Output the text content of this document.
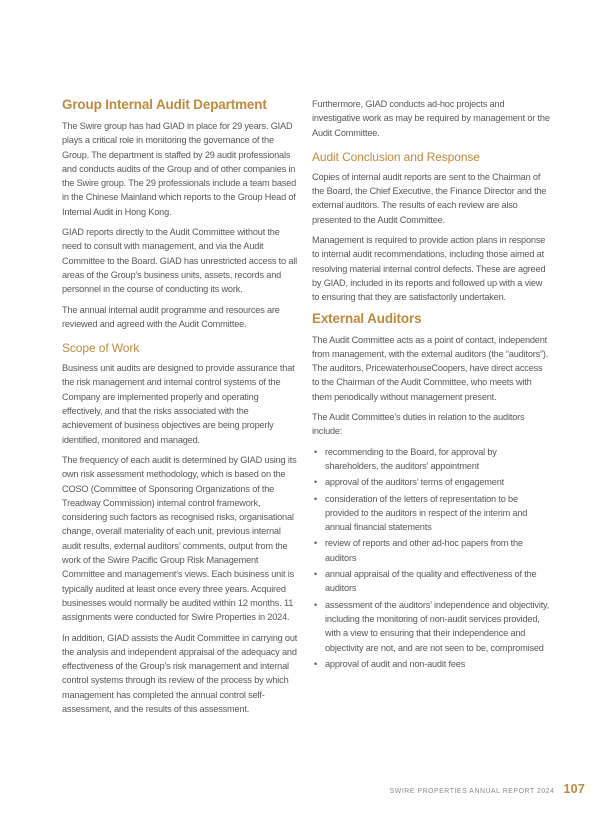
Group Internal Audit Department

The Swire group has had GIAD in place for 29 years. GIAD plays a critical role in monitoring the governance of the Group. The department is staffed by 29 audit professionals and conducts audits of the Group and of other companies in the Swire group. The 29 professionals include a team based in the Chinese Mainland which reports to the Group Head of Internal Audit in Hong Kong.

GIAD reports directly to the Audit Committee without the need to consult with management, and via the Audit Committee to the Board. GIAD has unrestricted access to all areas of the Group’s business units, assets, records and personnel in the course of conducting its work.

The annual internal audit programme and resources are reviewed and agreed with the Audit Committee.

Scope of Work

Business unit audits are designed to provide assurance that the risk management and internal control systems of the Company are implemented properly and operating effectively, and that the risks associated with the achievement of business objectives are being properly identified, monitored and managed.

The frequency of each audit is determined by GIAD using its own risk assessment methodology, which is based on the COSO (Committee of Sponsoring Organizations of the Treadway Commission) internal control framework, considering such factors as recognised risks, organisational change, overall materiality of each unit, previous internal audit results, external auditors’ comments, output from the work of the Swire Pacific Group Risk Management Committee and management’s views. Each business unit is typically audited at least once every three years. Acquired businesses would normally be audited within 12 months. 11 assignments were conducted for Swire Properties in 2024.

In addition, GIAD assists the Audit Committee in carrying out the analysis and independent appraisal of the adequacy and effectiveness of the Group’s risk management and internal control systems through its review of the process by which management has completed the annual control self-assessment, and the results of this assessment.

Furthermore, GIAD conducts ad-hoc projects and investigative work as may be required by management or the Audit Committee.

Audit Conclusion and Response

Copies of internal audit reports are sent to the Chairman of the Board, the Chief Executive, the Finance Director and the external auditors. The results of each review are also presented to the Audit Committee.

Management is required to provide action plans in response to internal audit recommendations, including those aimed at resolving material internal control defects. These are agreed by GIAD, included in its reports and followed up with a view to ensuring that they are satisfactorily undertaken.

External Auditors

The Audit Committee acts as a point of contact, independent from management, with the external auditors (the “auditors”). The auditors, PricewaterhouseCoopers, have direct access to the Chairman of the Audit Committee, who meets with them periodically without management present.

The Audit Committee’s duties in relation to the auditors include:

• recommending to the Board, for approval by shareholders, the auditors’ appointment
• approval of the auditors’ terms of engagement
• consideration of the letters of representation to be provided to the auditors in respect of the interim and annual financial statements
• review of reports and other ad-hoc papers from the auditors
• annual appraisal of the quality and effectiveness of the auditors
• assessment of the auditors’ independence and objectivity, including the monitoring of non-audit services provided, with a view to ensuring that their independence and objectivity are not, and are not seen to be, compromised
• approval of audit and non-audit fees
SWIRE PROPERTIES ANNUAL REPORT 2024 107
